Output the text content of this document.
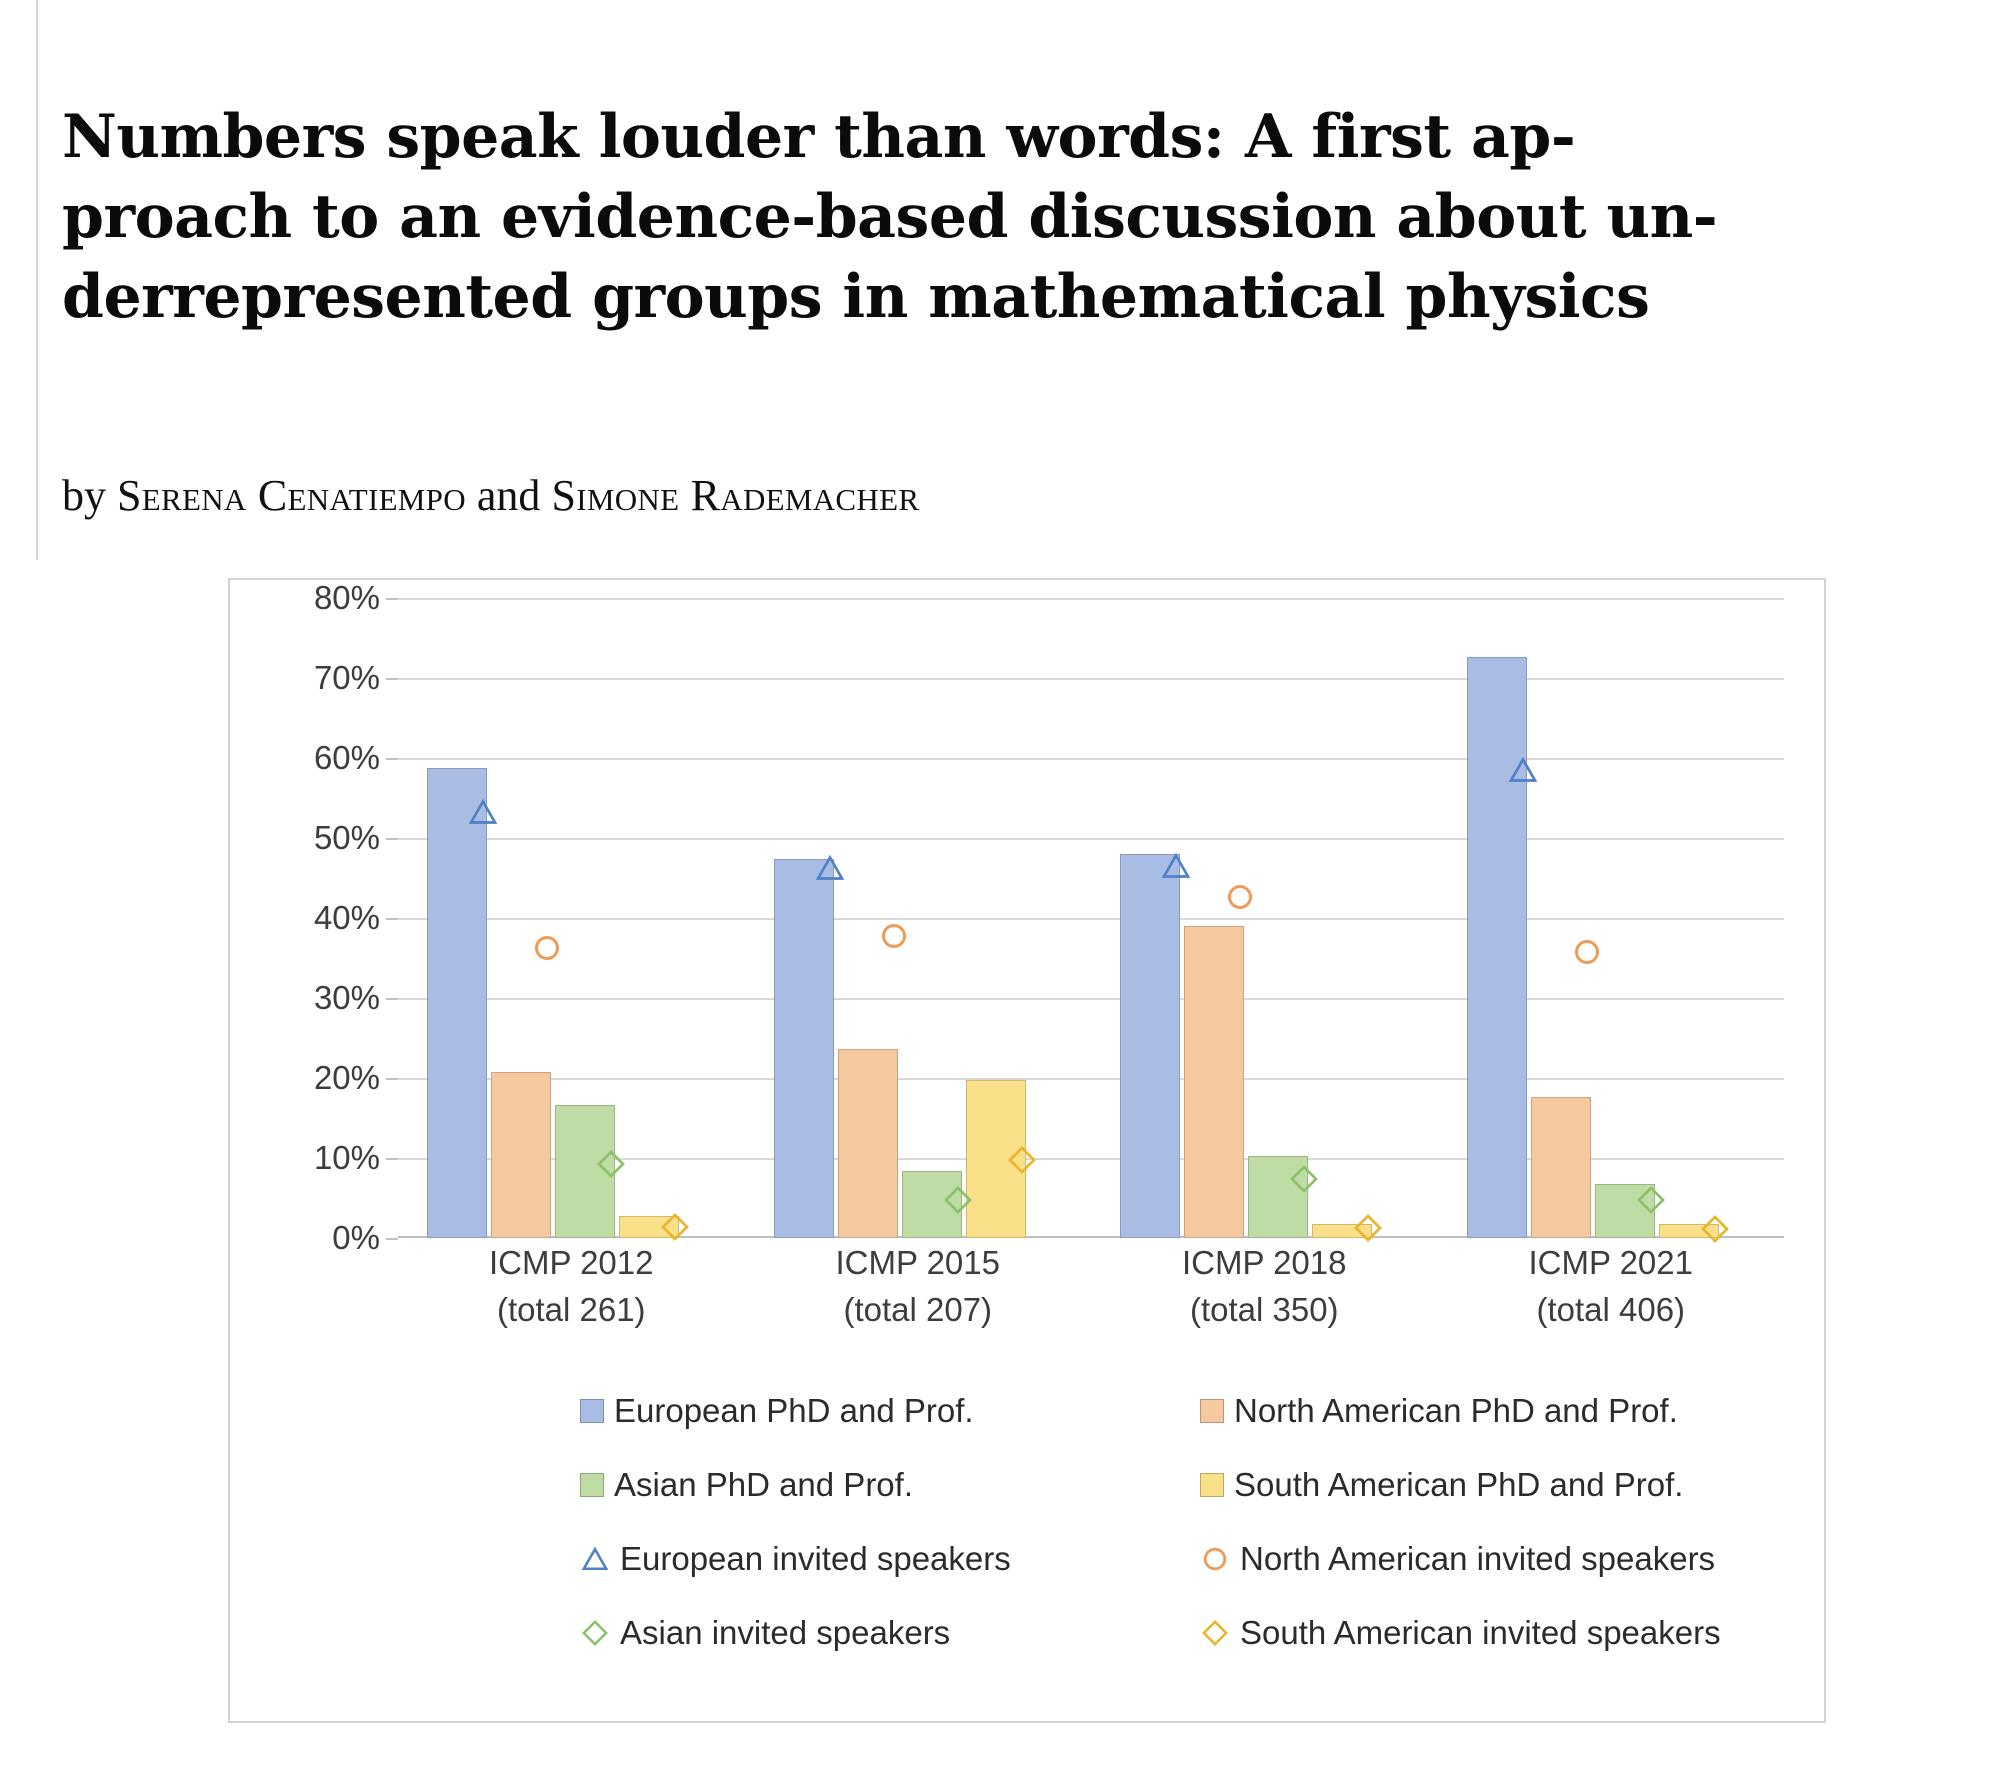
Numbers speak louder than words: A first ap-
proach to an evidence-based discussion about un-
derrepresented groups in mathematical physics
by Serena Cenatiempo and Simone Rademacher
0%
10%
20%
30%
40%
50%
60%
70%
80%
ICMP 2012
(total 261)
ICMP 2015
(total 207)
ICMP 2018
(total 350)
ICMP 2021
(total 406)
European PhD and Prof.	North American PhD and Prof.
Asian PhD and Prof.	South American PhD and Prof.
European invited speakers	North American invited speakers
Asian invited speakers	South American invited speakers
